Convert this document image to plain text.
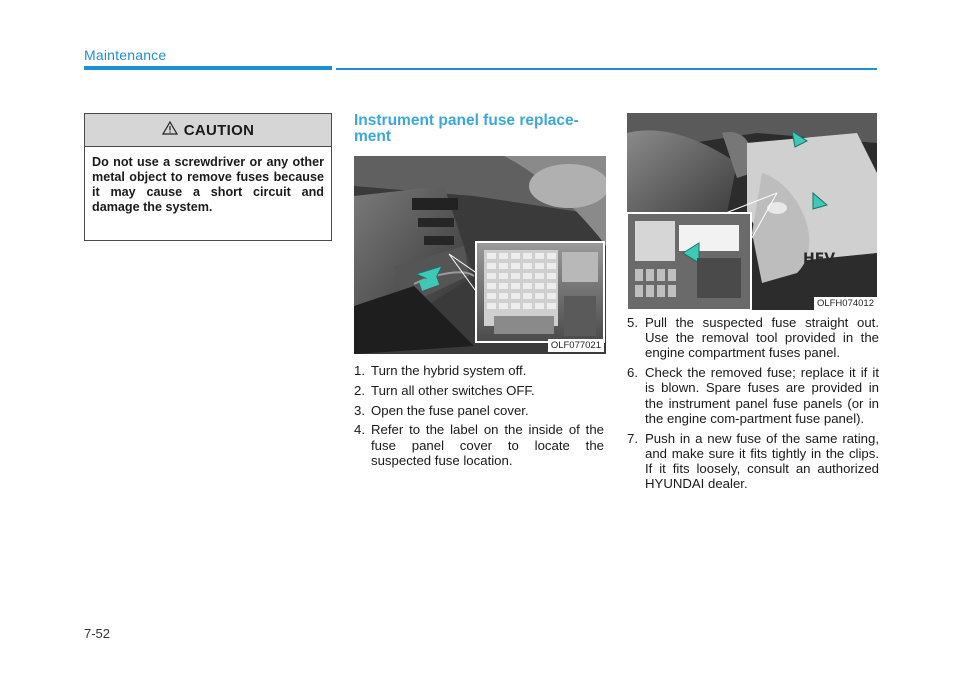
Maintenance
CAUTION
Do not use a screwdriver or any other metal object to remove fuses because it may cause a short circuit and damage the system.
Instrument panel fuse replace-ment
OLF077021
HEV
OLFH074012
1. Turn the hybrid system off.

2. Turn all other switches OFF.

3. Open the fuse panel cover.

4. Refer to the label on the inside of the fuse panel cover to locate the suspected fuse location.

5. Pull the suspected fuse straight out. Use the removal tool provided in the engine compartment fuses panel.

6. Check the removed fuse; replace it if it is blown. Spare fuses are provided in the instrument panel fuse panels (or in the engine com-partment fuse panel).

7. Push in a new fuse of the same rating, and make sure it fits tightly in the clips. If it fits loosely, consult an authorized HYUNDAI dealer.

7-52
